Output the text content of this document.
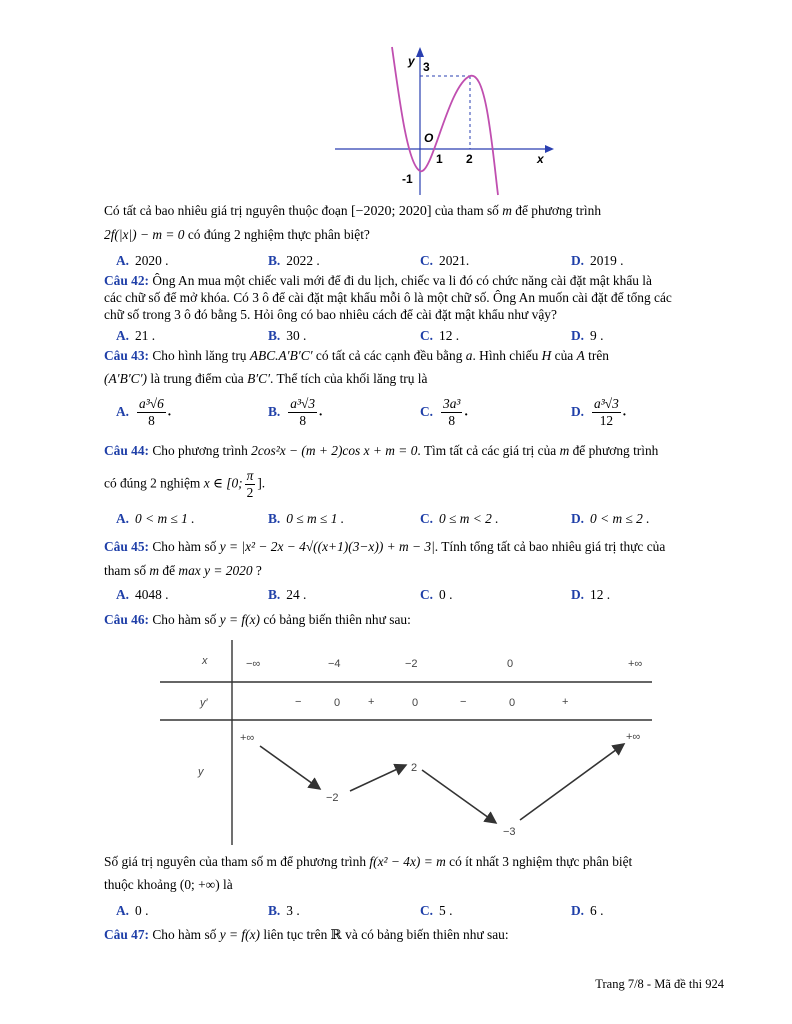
y 3
O
1 2
-1
x
Có tất cả bao nhiêu giá trị nguyên thuộc đoạn [−2020; 2020] của tham số m để phương trình
2f(|x|) − m = 0 có đúng 2 nghiệm thực phân biệt?
A. 2020 .	B. 2022 .	C. 2021.	D. 2019 .
Câu 42: Ông An mua một chiếc vali mới để đi du lịch, chiếc va li đó có chức năng cài đặt mật khẩu là
các chữ số để mở khóa. Có 3 ô để cài đặt mật khẩu mỗi ô là một chữ số. Ông An muốn cài đặt để tổng các
chữ số trong 3 ô đó bằng 5. Hỏi ông có bao nhiêu cách để cài đặt mật khẩu như vậy?
A. 21 .	B. 30 .	C. 12 .	D. 9 .
Câu 43: Cho hình lăng trụ ABC.A′B′C′ có tất cả các cạnh đều bằng a. Hình chiếu H của A trên
(A′B′C′) là trung điểm của B′C′. Thể tích của khối lăng trụ là
A. $\frac{\text{a³√6}}{8}$ .	B. $\frac{\text{a³√3}}{8}$ .	C. $\frac{\text{3a³}}{8}$ .	D. $\frac{\text{a³√3}}{12}$ .
Câu 44: Cho phương trình 2cos²x − (m + 2)cos x + m = 0. Tìm tất cả các giá trị của m để phương trình
có đúng 2 nghiệm x ∈ [0; $\frac{\pi}{2}$ ].
A. 0 < m ≤ 1 .	B. 0 ≤ m ≤ 1 .	C. 0 ≤ m < 2 .	D. 0 < m ≤ 2 .
Câu 45: Cho hàm số y = |x² − 2x − 4√((x+1)(3−x)) + m − 3|. Tính tổng tất cả bao nhiêu giá trị thực của
tham số m để max y = 2020 ?
A. 4048 .	B. 24 .	C. 0 .	D. 12 .
Câu 46: Cho hàm số y = f(x) có bảng biến thiên như sau:
x	−∞	−4	−2	0	+∞
y′	−	0	+	0	−	0	+
y
+∞
−2
2
−3
+∞
Số giá trị nguyên của tham số m để phương trình f(x² − 4x) = m có ít nhất 3 nghiệm thực phân biệt
thuộc khoảng (0; +∞) là
A. 0 .	B. 3 .	C. 5 .	D. 6 .
Câu 47: Cho hàm số y = f(x) liên tục trên ℝ và có bảng biến thiên như sau:
Trang 7/8 - Mã đề thi 924
